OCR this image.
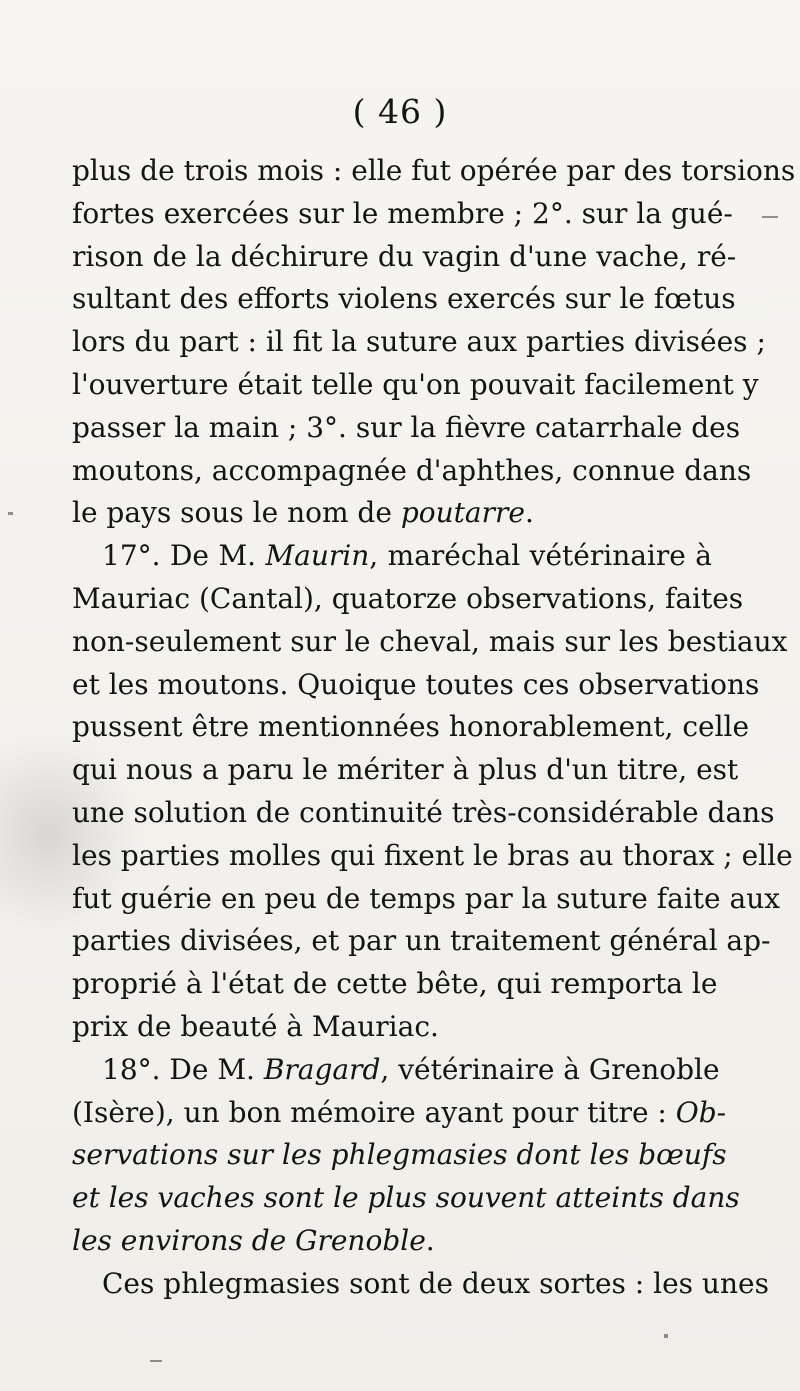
( 46 )
plus de trois mois : elle fut opérée par des torsions
fortes exercées sur le membre ; 2°. sur la gué-
rison de la déchirure du vagin d'une vache, ré-
sultant des efforts violens exercés sur le fœtus
lors du part : il fit la suture aux parties divisées ;
l'ouverture était telle qu'on pouvait facilement y
passer la main ; 3°. sur la fièvre catarrhale des
moutons, accompagnée d'aphthes, connue dans
le pays sous le nom de poutarre.
17°. De M. Maurin, maréchal vétérinaire à
Mauriac (Cantal), quatorze observations, faites
non-seulement sur le cheval, mais sur les bestiaux
et les moutons. Quoique toutes ces observations
pussent être mentionnées honorablement, celle
qui nous a paru le mériter à plus d'un titre, est
une solution de continuité très-considérable dans
les parties molles qui fixent le bras au thorax ; elle
fut guérie en peu de temps par la suture faite aux
parties divisées, et par un traitement général ap-
proprié à l'état de cette bête, qui remporta le
prix de beauté à Mauriac.
18°. De M. Bragard, vétérinaire à Grenoble
(Isère), un bon mémoire ayant pour titre : Ob-
servations sur les phlegmasies dont les bœufs
et les vaches sont le plus souvent atteints dans
les environs de Grenoble.
Ces phlegmasies sont de deux sortes : les unes
